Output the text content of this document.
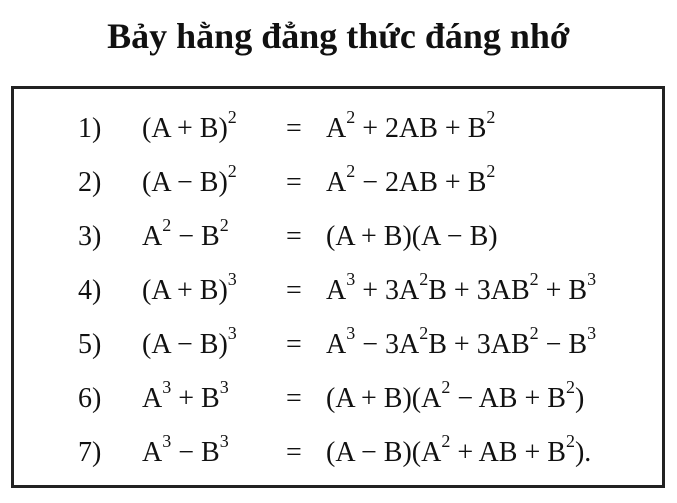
Bảy hằng đẳng thức đáng nhớ
1) $(A + B)^2 = A^2 + 2AB + B^2$
2) $(A - B)^2 = A^2 - 2AB + B^2$
3) $A^2 - B^2 = (A + B)(A - B)$
4) $(A + B)^3 = A^3 + 3A^2B + 3AB^2 + B^3$
5) $(A - B)^3 = A^3 - 3A^2B + 3AB^2 - B^3$
6) $A^3 + B^3 = (A + B)(A^2$ − AB + $B^2$)
7) $A^3 - B^3 = (A - B)(A^2$ + AB + $B^2$).
